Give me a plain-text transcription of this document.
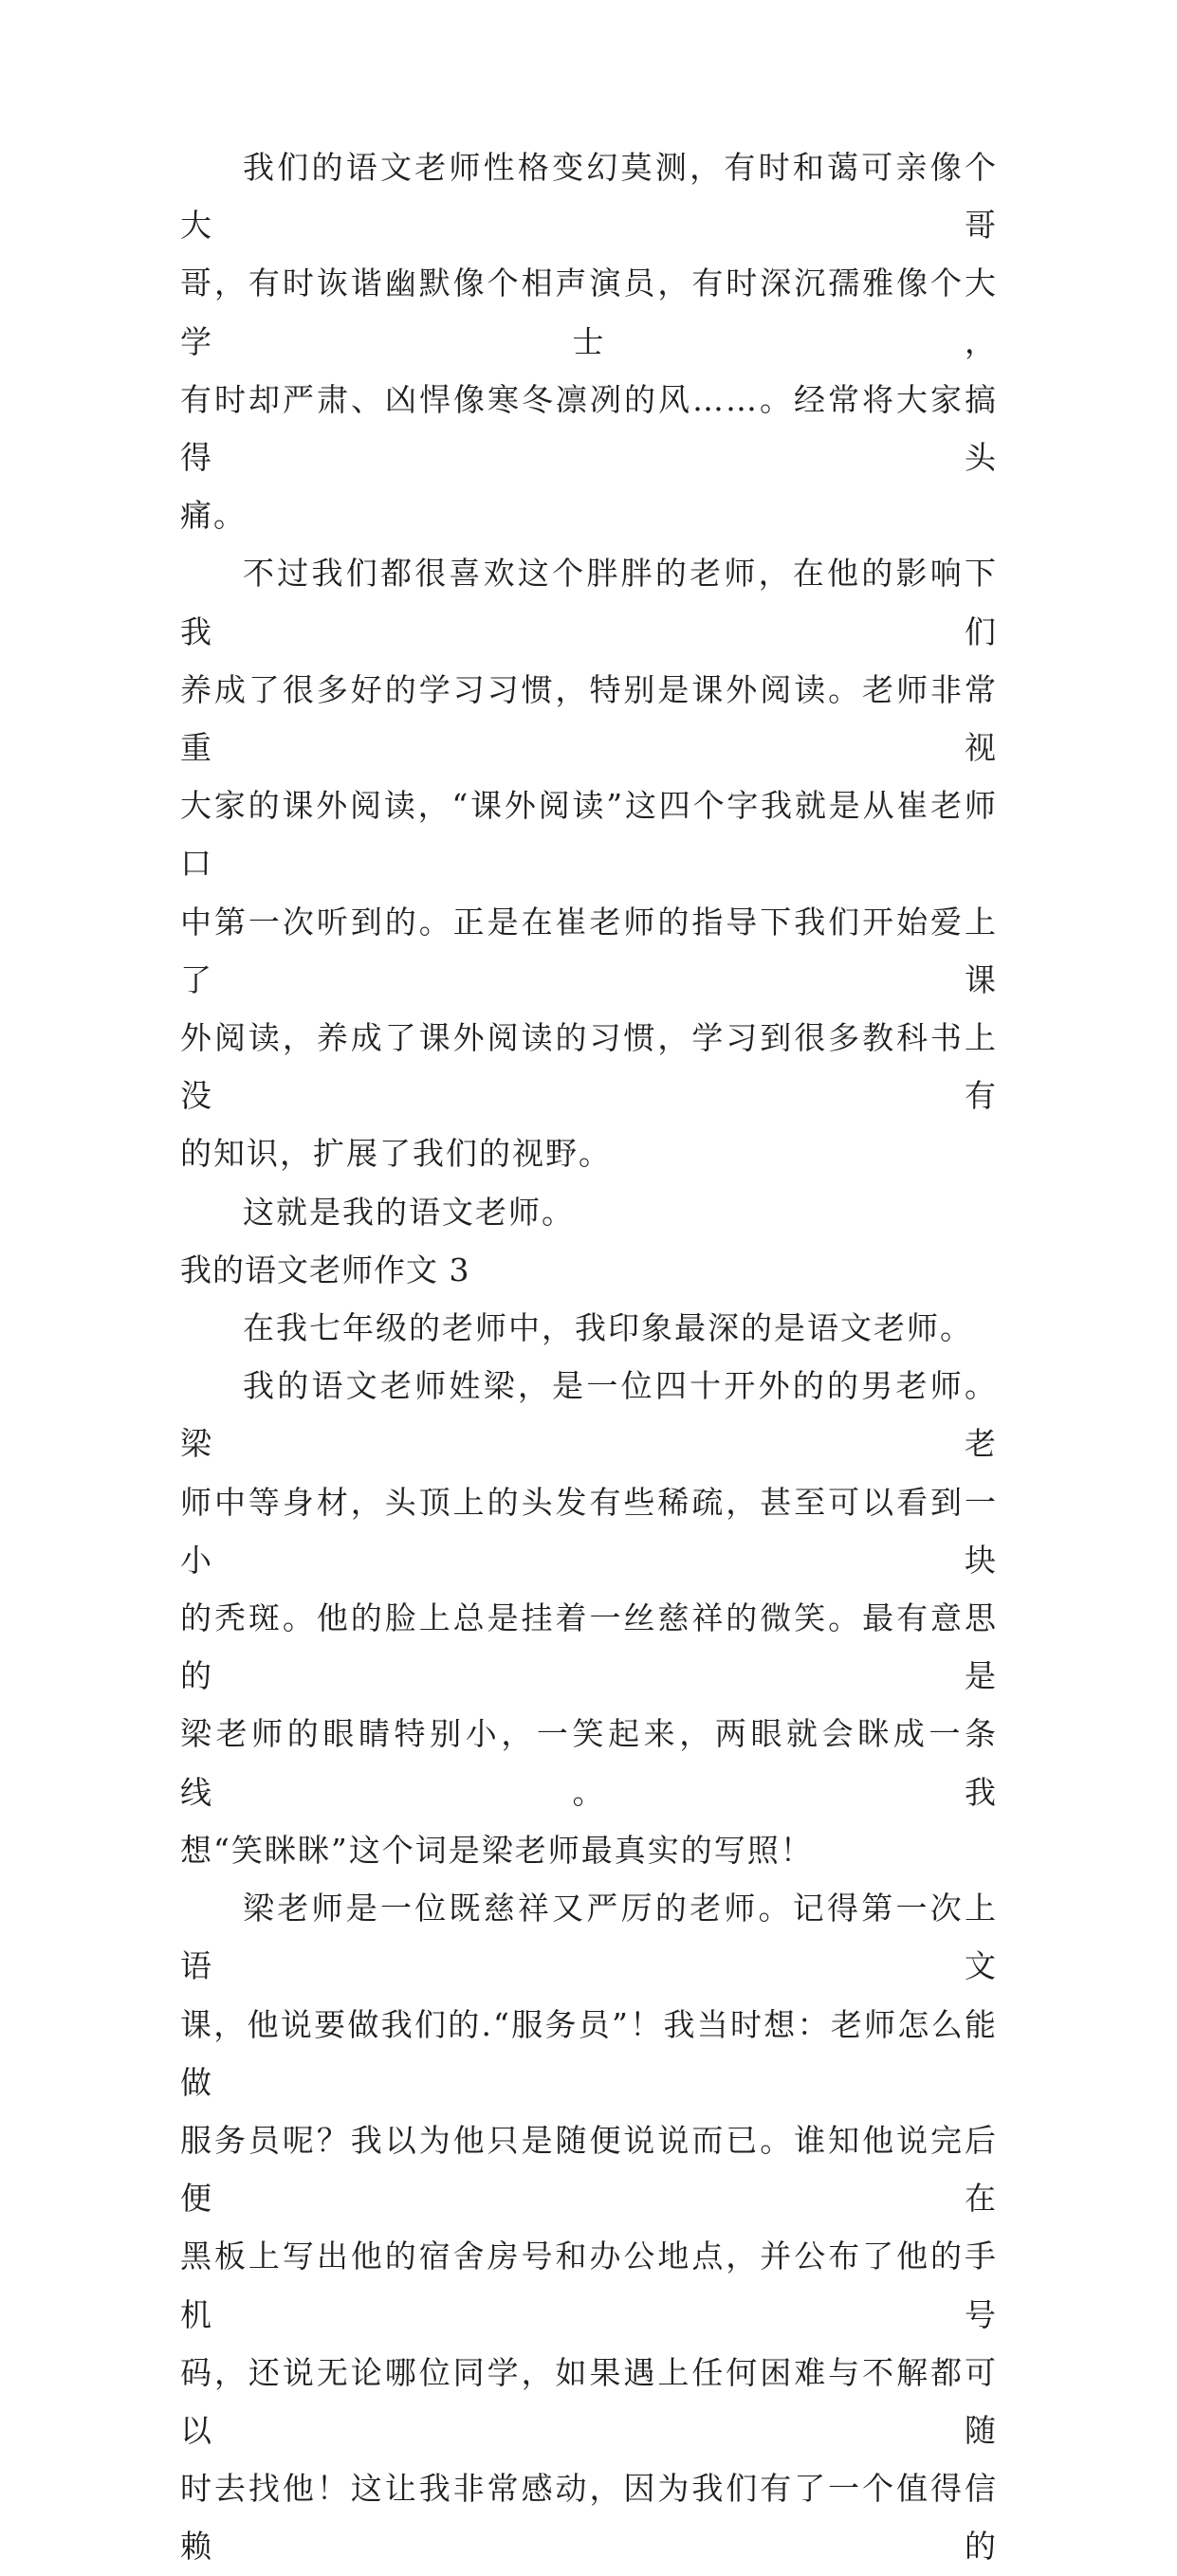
我们的语文老师性格变幻莫测，有时和蔼可亲像个大哥
哥，有时诙谐幽默像个相声演员，有时深沉孺雅像个大学士，
有时却严肃、凶悍像寒冬凛冽的风……。经常将大家搞得头
痛。
不过我们都很喜欢这个胖胖的老师，在他的影响下我们
养成了很多好的学习习惯，特别是课外阅读。老师非常重视
大家的课外阅读，“课外阅读”这四个字我就是从崔老师口
中第一次听到的。正是在崔老师的指导下我们开始爱上了课
外阅读，养成了课外阅读的习惯，学习到很多教科书上没有
的知识，扩展了我们的视野。
这就是我的语文老师。
我的语文老师作文 3
在我七年级的老师中，我印象最深的是语文老师。
我的语文老师姓梁，是一位四十开外的的男老师。梁老
师中等身材，头顶上的头发有些稀疏，甚至可以看到一小块
的秃斑。他的脸上总是挂着一丝慈祥的微笑。最有意思的是
梁老师的眼睛特别小，一笑起来，两眼就会眯成一条线。我
想“笑眯眯”这个词是梁老师最真实的写照！
梁老师是一位既慈祥又严厉的老师。记得第一次上语文
课，他说要做我们的.“服务员”！我当时想：老师怎么能做
服务员呢？我以为他只是随便说说而已。谁知他说完后便在
黑板上写出他的宿舍房号和办公地点，并公布了他的手机号
码，还说无论哪位同学，如果遇上任何困难与不解都可以随
时去找他！这让我非常感动，因为我们有了一个值得信赖的
